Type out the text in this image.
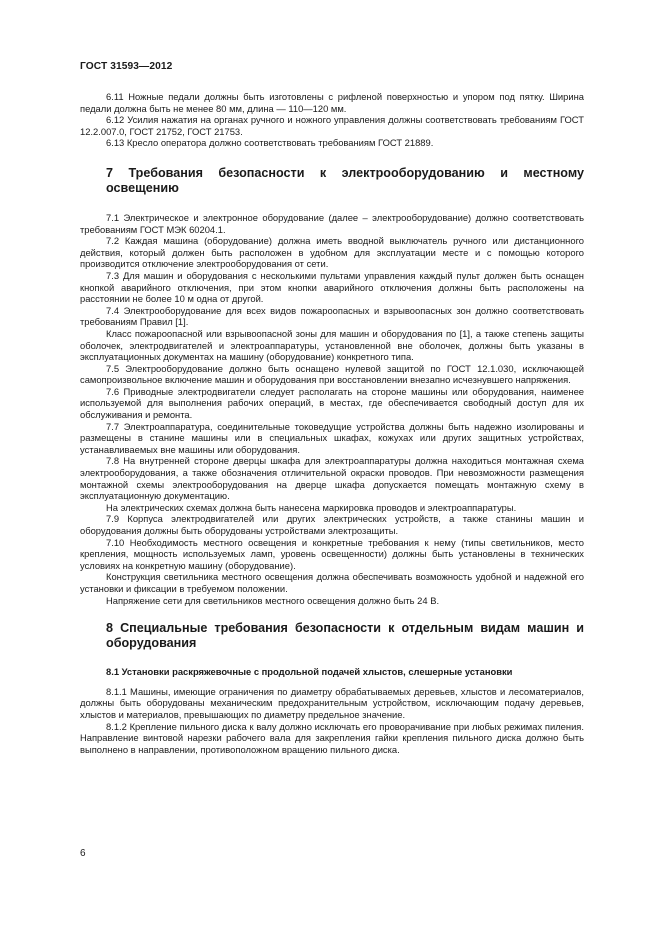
ГОСТ 31593—2012

6.11 Ножные педали должны быть изготовлены с рифленой поверхностью и упором под пятку. Ширина педали должна быть не менее 80 мм, длина — 110—120 мм.

6.12 Усилия нажатия на органах ручного и ножного управления должны соответствовать требованиям ГОСТ 12.2.007.0, ГОСТ 21752, ГОСТ 21753.

6.13 Кресло оператора должно соответствовать требованиям ГОСТ 21889.

7 Требования безопасности к электрооборудованию и местному освещению

7.1 Электрическое и электронное оборудование (далее – электрооборудование) должно соответствовать требованиям ГОСТ МЭК 60204.1.

7.2 Каждая машина (оборудование) должна иметь вводной выключатель ручного или дистанционного действия, который должен быть расположен в удобном для эксплуатации месте и с помощью которого производится отключение электрооборудования от сети.

7.3 Для машин и оборудования с несколькими пультами управления каждый пульт должен быть оснащен кнопкой аварийного отключения, при этом кнопки аварийного отключения должны быть расположены на расстоянии не более 10 м одна от другой.

7.4 Электрооборудование для всех видов пожароопасных и взрывоопасных зон должно соответствовать требованиям Правил [1].

Класс пожароопасной или взрывоопасной зоны для машин и оборудования по [1], а также степень защиты оболочек, электродвигателей и электроаппаратуры, установленной вне оболочек, должны быть указаны в эксплуатационных документах на машину (оборудование) конкретного типа.

7.5 Электрооборудование должно быть оснащено нулевой защитой по ГОСТ 12.1.030, исключающей самопроизвольное включение машин и оборудования при восстановлении внезапно исчезнувшего напряжения.

7.6 Приводные электродвигатели следует располагать на стороне машины или оборудования, наименее используемой для выполнения рабочих операций, в местах, где обеспечивается свободный доступ для их обслуживания и ремонта.

7.7 Электроаппаратура, соединительные токоведущие устройства должны быть надежно изолированы и размещены в станине машины или в специальных шкафах, кожухах или других защитных устройствах, устанавливаемых вне машины или оборудования.

7.8 На внутренней стороне дверцы шкафа для электроаппаратуры должна находиться монтажная схема электрооборудования, а также обозначения отличительной окраски проводов. При невозможности размещения монтажной схемы электрооборудования на дверце шкафа допускается помещать монтажную схему в эксплуатационную документацию.

На электрических схемах должна быть нанесена маркировка проводов и электроаппаратуры.

7.9 Корпуса электродвигателей или других электрических устройств, а также станины машин и оборудования должны быть оборудованы устройствами электрозащиты.

7.10 Необходимость местного освещения и конкретные требования к нему (типы светильников, место крепления, мощность используемых ламп, уровень освещенности) должны быть установлены в технических условиях на конкретную машину (оборудование).

Конструкция светильника местного освещения должна обеспечивать возможность удобной и надежной его установки и фиксации в требуемом положении.

Напряжение сети для светильников местного освещения должно быть 24 В.

8 Специальные требования безопасности к отдельным видам машин и оборудования
8.1 Установки раскряжевочные с продольной подачей хлыстов, слешерные установки

8.1.1 Машины, имеющие ограничения по диаметру обрабатываемых деревьев, хлыстов и лесоматериалов, должны быть оборудованы механическим предохранительным устройством, исключающим подачу деревьев, хлыстов и материалов, превышающих по диаметру предельное значение.

8.1.2 Крепление пильного диска к валу должно исключать его проворачивание при любых режимах пиления. Направление винтовой нарезки рабочего вала для закрепления гайки крепления пильного диска должно быть выполнено в направлении, противоположном вращению пильного диска.

6
